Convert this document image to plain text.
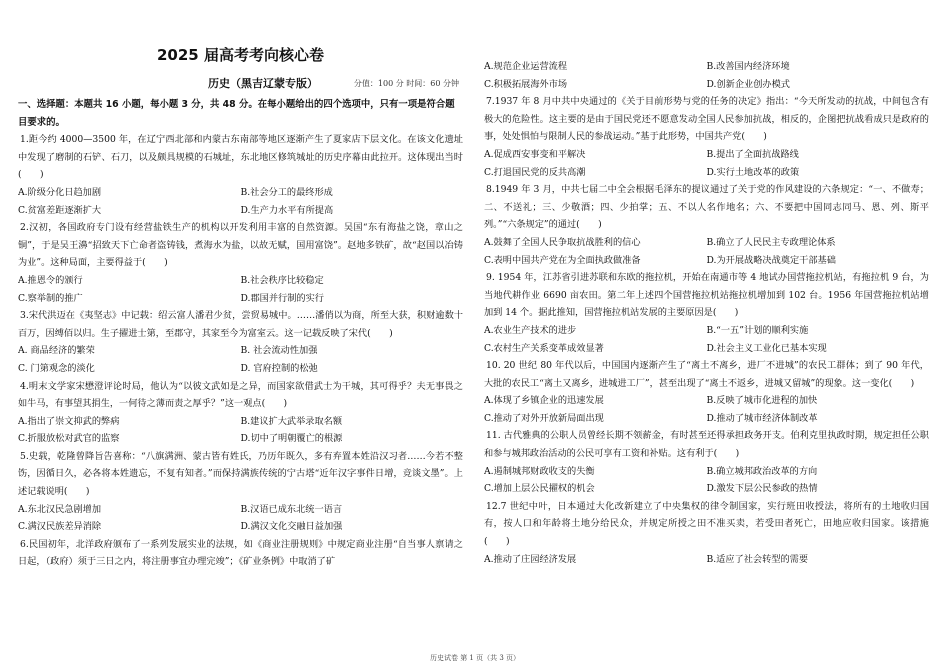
2025 届高考考向核心卷
历史（黑吉辽蒙专版）	分值：100 分 时间：60 分钟
一、选择题：本题共 16 小题，每小题 3 分，共 48 分。在每小题给出的四个选项中，只有一项是符合题目要求的。
1.距今约 4000—3500 年，在辽宁西北部和内蒙古东南部等地区逐渐产生了夏家店下层文化。在该文化遗址中发现了磨制的石铲、石刀，以及颇具规模的石城址，东北地区修筑城址的历史序幕由此拉开。这体现出当时(　　)
A.阶级分化日趋加剧	B.社会分工的最终形成
C.贫富差距逐渐扩大	D.生产力水平有所提高
2.汉初，各国政府专门设有经营盐铁生产的机构以开发利用丰富的自然资源。吴国“东有海盐之饶，章山之铜”，于是吴王濞“招致天下亡命者盗铸钱，煮海水为盐，以故无赋，国用富饶”。赵地多铁矿，故“赵国以冶铸为业”。这种局面，主要得益于(　　)
A.推恩令的颁行	B.社会秩序比较稳定
C.察举制的推广	D.郡国并行制的实行
3.宋代洪迈在《夷坚志》中记载：绍云富人潘君少贫，尝贸易城中。……潘俏以为商，所至大获，积财逾数十百万，因缚佰以归。生子擢进士第，至郡守，其家至今为富室云。这一记载反映了宋代(　　)
A. 商品经济的繁荣	B. 社会流动性加强
C. 门第观念的淡化	D. 官府控制的松弛
4.明末文学家宋懋澄评论时局，他认为“以彼文武如是之异，而国家欲借武士为干城，其可得乎？夫无事畏之如牛马，有事望其捐生，一何待之薄而责之厚乎？”这一观点(　　)
A.指出了崇文抑武的弊病	B.建议扩大武举录取名额
C.折服放松对武官的监察	D.切中了明朝覆亡的根源
5.史载，乾隆曾降旨告喜称：“八旗满洲、蒙古皆有姓氏，乃历年既久，多有弃置本姓沿汉习者……今若不整饬，因循日久，必各将本姓遗忘，不复有知者。”而保持满族传统的宁古塔“近年汉字事件日增，竞谈文墨”。上述记载说明(　　)
A.东北汉民急剧增加	B.汉语已成东北统一语言
C.满汉民族差异消除	D.满汉文化交融日益加强
6.民国初年，北洋政府颁布了一系列发展实业的法规，如《商业注册规则》中规定商业注册“自当事人禀请之日起，（政府）须于三日之内，将注册事宜办理完竣”；《矿业条例》中取消了矿
A.规范企业运营流程	B.改善国内经济环境
C.积极拓展海外市场	D.创新企业创办模式
7.1937 年 8 月中共中央通过的《关于目前形势与党的任务的决定》指出：“今天所发动的抗战，中间包含有极大的危险性。这主要的是由于国民党还不愿意发动全国人民参加抗战，相反的，企图把抗战看成只是政府的事，处处惧怕与限制人民的参战运动。”基于此形势，中国共产党(　　)
A.促成西安事变和平解决	B.提出了全面抗战路线
C.打退国民党的反共高潮	D.实行土地改革的政策
8.1949 年 3 月，中共七届二中全会根据毛泽东的提议通过了关于党的作风建设的六条规定：“一、不做寿；二、不送礼；三、少敬酒；四、少拍掌；五、不以人名作地名；六、不要把中国同志同马、恩、列、斯平列。”“六条规定”的通过(　　)
A.鼓舞了全国人民争取抗战胜利的信心	B.确立了人民民主专政理论体系
C.表明中国共产党在为全面执政做准备	D.为开展战略决战奠定干部基础
9. 1954 年，江苏省引进苏联和东欧的拖拉机，开始在南通市等 4 地试办国营拖拉机站，有拖拉机 9 台，为当地代耕作业 6690 亩农田。第二年上述四个国营拖拉机站拖拉机增加到 102 台。1956 年国营拖拉机站增加到 14 个。据此推知，国营拖拉机站发展的主要原因是(　　)
A.农业生产技术的进步	B.“一五”计划的顺利实施
C.农村生产关系变革成效显著	D.社会主义工业化已基本实现
10. 20 世纪 80 年代以后，中国国内逐渐产生了“离土不离乡，进厂不进城”的农民工群体；到了 90 年代，大批的农民工“离土又离乡，进城进工厂”，甚至出现了“离土不返乡，进城又留城”的现象。这一变化(　　)
A.体现了乡镇企业的迅速发展	B.反映了城市化进程的加快
C.推动了对外开放新局面出现	D.推动了城市经济体制改革
11. 古代雅典的公职人员曾经长期不领薪金，有时甚至还得承担政务开支。伯利克里执政时期，规定担任公职和参与城邦政治活动的公民可享有工资和补贴。这有利于(　　)
A.遏制城邦财政收支的失衡	B.确立城邦政治改革的方向
C.增加上层公民擢权的机会	D.激发下层公民参政的热情
12.7 世纪中叶，日本通过大化改新建立了中央集权的律令制国家，实行班田收授法，将所有的土地收归国有，按人口和年龄将土地分给民众，并规定所授之田不准买卖，若受田者死亡，田地应收归国家。该措施(　　)
A.推动了庄园经济发展	B.适应了社会转型的需要
历史试卷 第 1 页（共 3 页）
